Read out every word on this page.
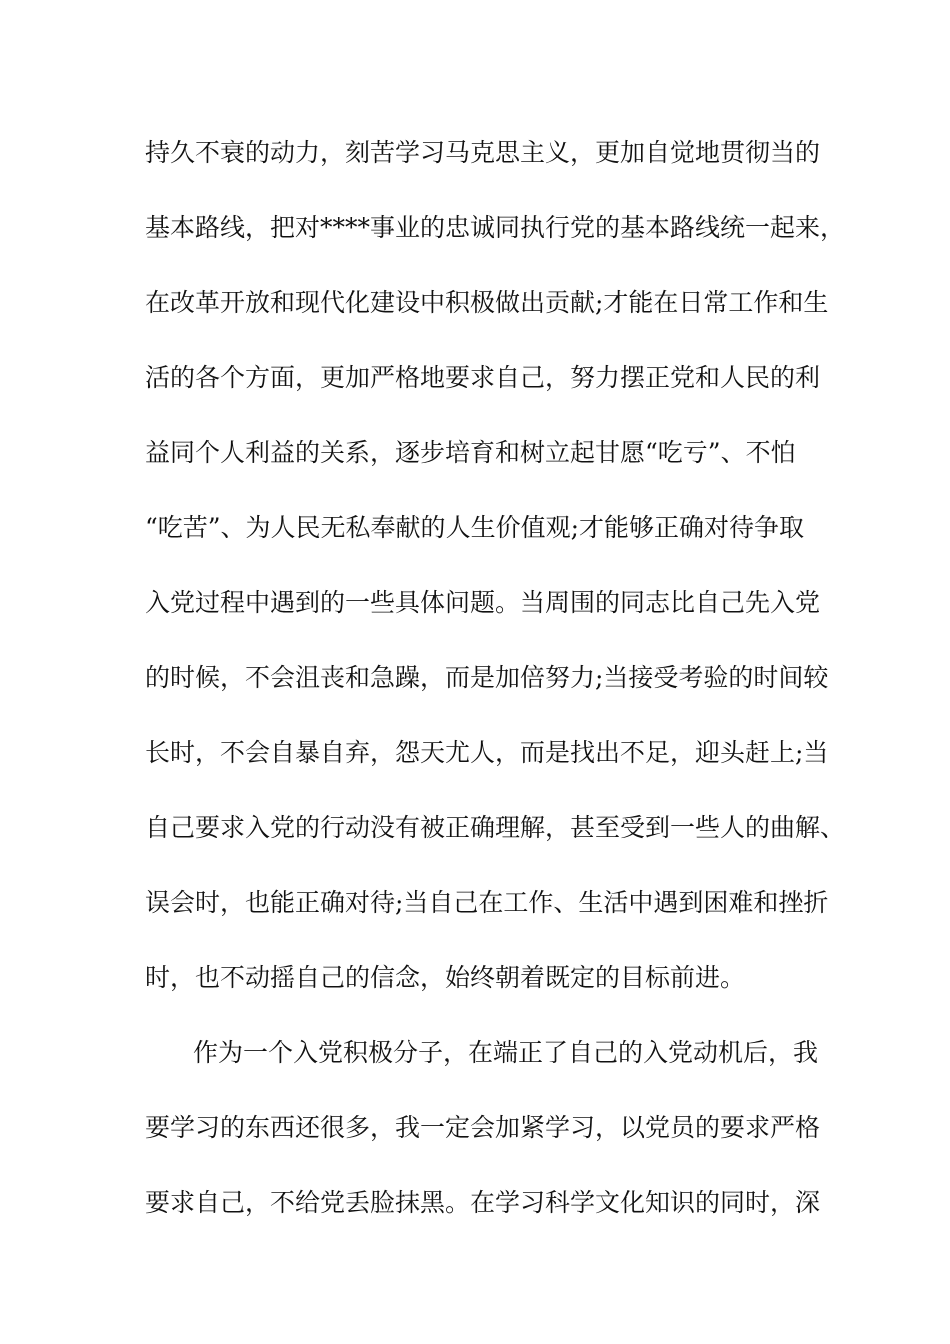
持久不衰的动力，刻苦学习马克思主义，更加自觉地贯彻当的
基本路线，把对****事业的忠诚同执行党的基本路线统一起来，
在改革开放和现代化建设中积极做出贡献;才能在日常工作和生
活的各个方面，更加严格地要求自己，努力摆正党和人民的利
益同个人利益的关系，逐步培育和树立起甘愿“吃亏”、不怕
“吃苦”、为人民无私奉献的人生价值观;才能够正确对待争取
入党过程中遇到的一些具体问题。当周围的同志比自己先入党
的时候，不会沮丧和急躁，而是加倍努力;当接受考验的时间较
长时，不会自暴自弃，怨天尤人，而是找出不足，迎头赶上;当
自己要求入党的行动没有被正确理解，甚至受到一些人的曲解、
误会时，也能正确对待;当自己在工作、生活中遇到困难和挫折
时，也不动摇自己的信念，始终朝着既定的目标前进。
作为一个入党积极分子，在端正了自己的入党动机后，我
要学习的东西还很多，我一定会加紧学习，以党员的要求严格
要求自己，不给党丢脸抹黑。在学习科学文化知识的同时，深
